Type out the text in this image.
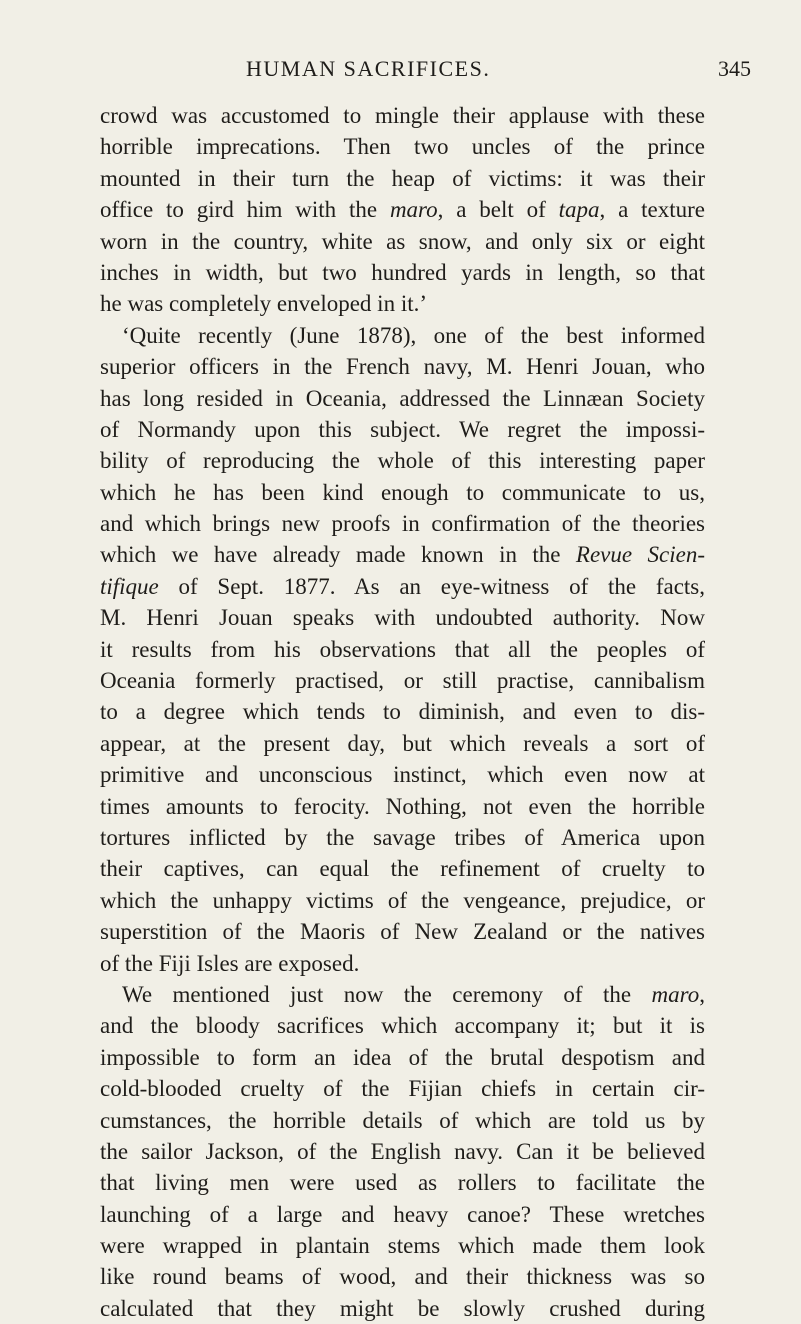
HUMAN SACRIFICES.	345
crowd was accustomed to mingle their applause with these
horrible imprecations. Then two uncles of the prince
mounted in their turn the heap of victims: it was their
office to gird him with the maro, a belt of tapa, a texture
worn in the country, white as snow, and only six or eight
inches in width, but two hundred yards in length, so that
he was completely enveloped in it.’
‘Quite recently (June 1878), one of the best informed
superior officers in the French navy, M. Henri Jouan, who
has long resided in Oceania, addressed the Linnæan Society
of Normandy upon this subject. We regret the impossi-
bility of reproducing the whole of this interesting paper
which he has been kind enough to communicate to us,
and which brings new proofs in confirmation of the theories
which we have already made known in the Revue Scien-
tifique of Sept. 1877. As an eye-witness of the facts,
M. Henri Jouan speaks with undoubted authority. Now
it results from his observations that all the peoples of
Oceania formerly practised, or still practise, cannibalism
to a degree which tends to diminish, and even to dis-
appear, at the present day, but which reveals a sort of
primitive and unconscious instinct, which even now at
times amounts to ferocity. Nothing, not even the horrible
tortures inflicted by the savage tribes of America upon
their captives, can equal the refinement of cruelty to
which the unhappy victims of the vengeance, prejudice, or
superstition of the Maoris of New Zealand or the natives
of the Fiji Isles are exposed.
We mentioned just now the ceremony of the maro,
and the bloody sacrifices which accompany it; but it is
impossible to form an idea of the brutal despotism and
cold-blooded cruelty of the Fijian chiefs in certain cir-
cumstances, the horrible details of which are told us by
the sailor Jackson, of the English navy. Can it be believed
that living men were used as rollers to facilitate the
launching of a large and heavy canoe? These wretches
were wrapped in plantain stems which made them look
like round beams of wood, and their thickness was so
calculated that they might be slowly crushed during
